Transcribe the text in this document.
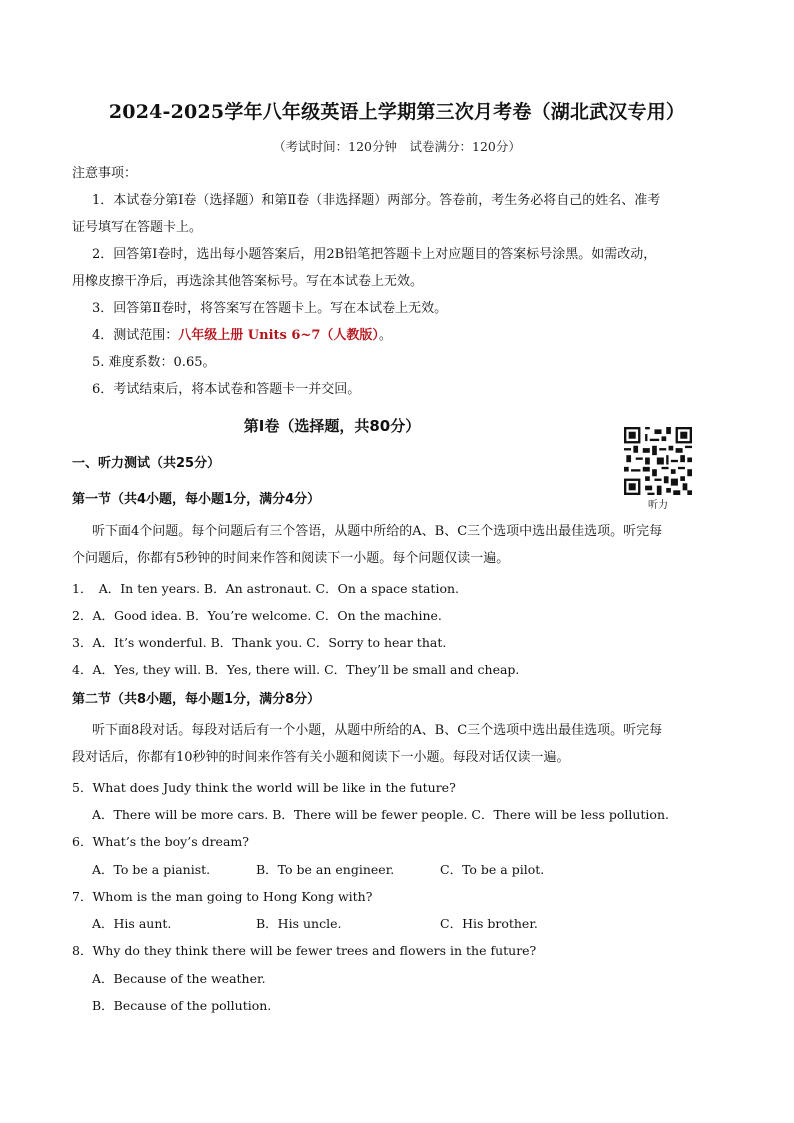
2024-2025学年八年级英语上学期第三次月考卷（湖北武汉专用）
（考试时间：120分钟　试卷满分：120分）
注意事项：
1．本试卷分第Ⅰ卷（选择题）和第Ⅱ卷（非选择题）两部分。答卷前，考生务必将自己的姓名、准考
证号填写在答题卡上。
2．回答第Ⅰ卷时，选出每小题答案后，用2B铅笔把答题卡上对应题目的答案标号涂黑。如需改动，
用橡皮擦干净后，再选涂其他答案标号。写在本试卷上无效。
3．回答第Ⅱ卷时，将答案写在答题卡上。写在本试卷上无效。
4．测试范围：八年级上册 Units 6~7（人教版）。
5. 难度系数：0.65。
6．考试结束后，将本试卷和答题卡一并交回。
第Ⅰ卷（选择题，共80分）
听力
一、听力测试（共25分）
第一节（共4小题，每小题1分，满分4分）
听下面4个问题。每个问题后有三个答语，从题中所给的A、B、C三个选项中选出最佳选项。听完每
个问题后，你都有5秒钟的时间来作答和阅读下一小题。每个问题仅读一遍。
1．　A．In ten years. B．An astronaut. C．On a space station.
2．A．Good idea. B．You’re welcome. C．On the machine.
3．A．It’s wonderful. B．Thank you. C．Sorry to hear that.
4．A．Yes, they will. B．Yes, there will. C．They’ll be small and cheap.
第二节（共8小题，每小题1分，满分8分）
听下面8段对话。每段对话后有一个小题，从题中所给的A、B、C三个选项中选出最佳选项。听完每
段对话后，你都有10秒钟的时间来作答有关小题和阅读下一小题。每段对话仅读一遍。
5．What does Judy think the world will be like in the future?
A．There will be more cars. B．There will be fewer people. C．There will be less pollution.
6．What’s the boy’s dream?
A．To be a pianist.	B．To be an engineer.	C．To be a pilot.
7．Whom is the man going to Hong Kong with?
A．His aunt.	B．His uncle.	C．His brother.
8．Why do they think there will be fewer trees and flowers in the future?
A．Because of the weather.
B．Because of the pollution.
